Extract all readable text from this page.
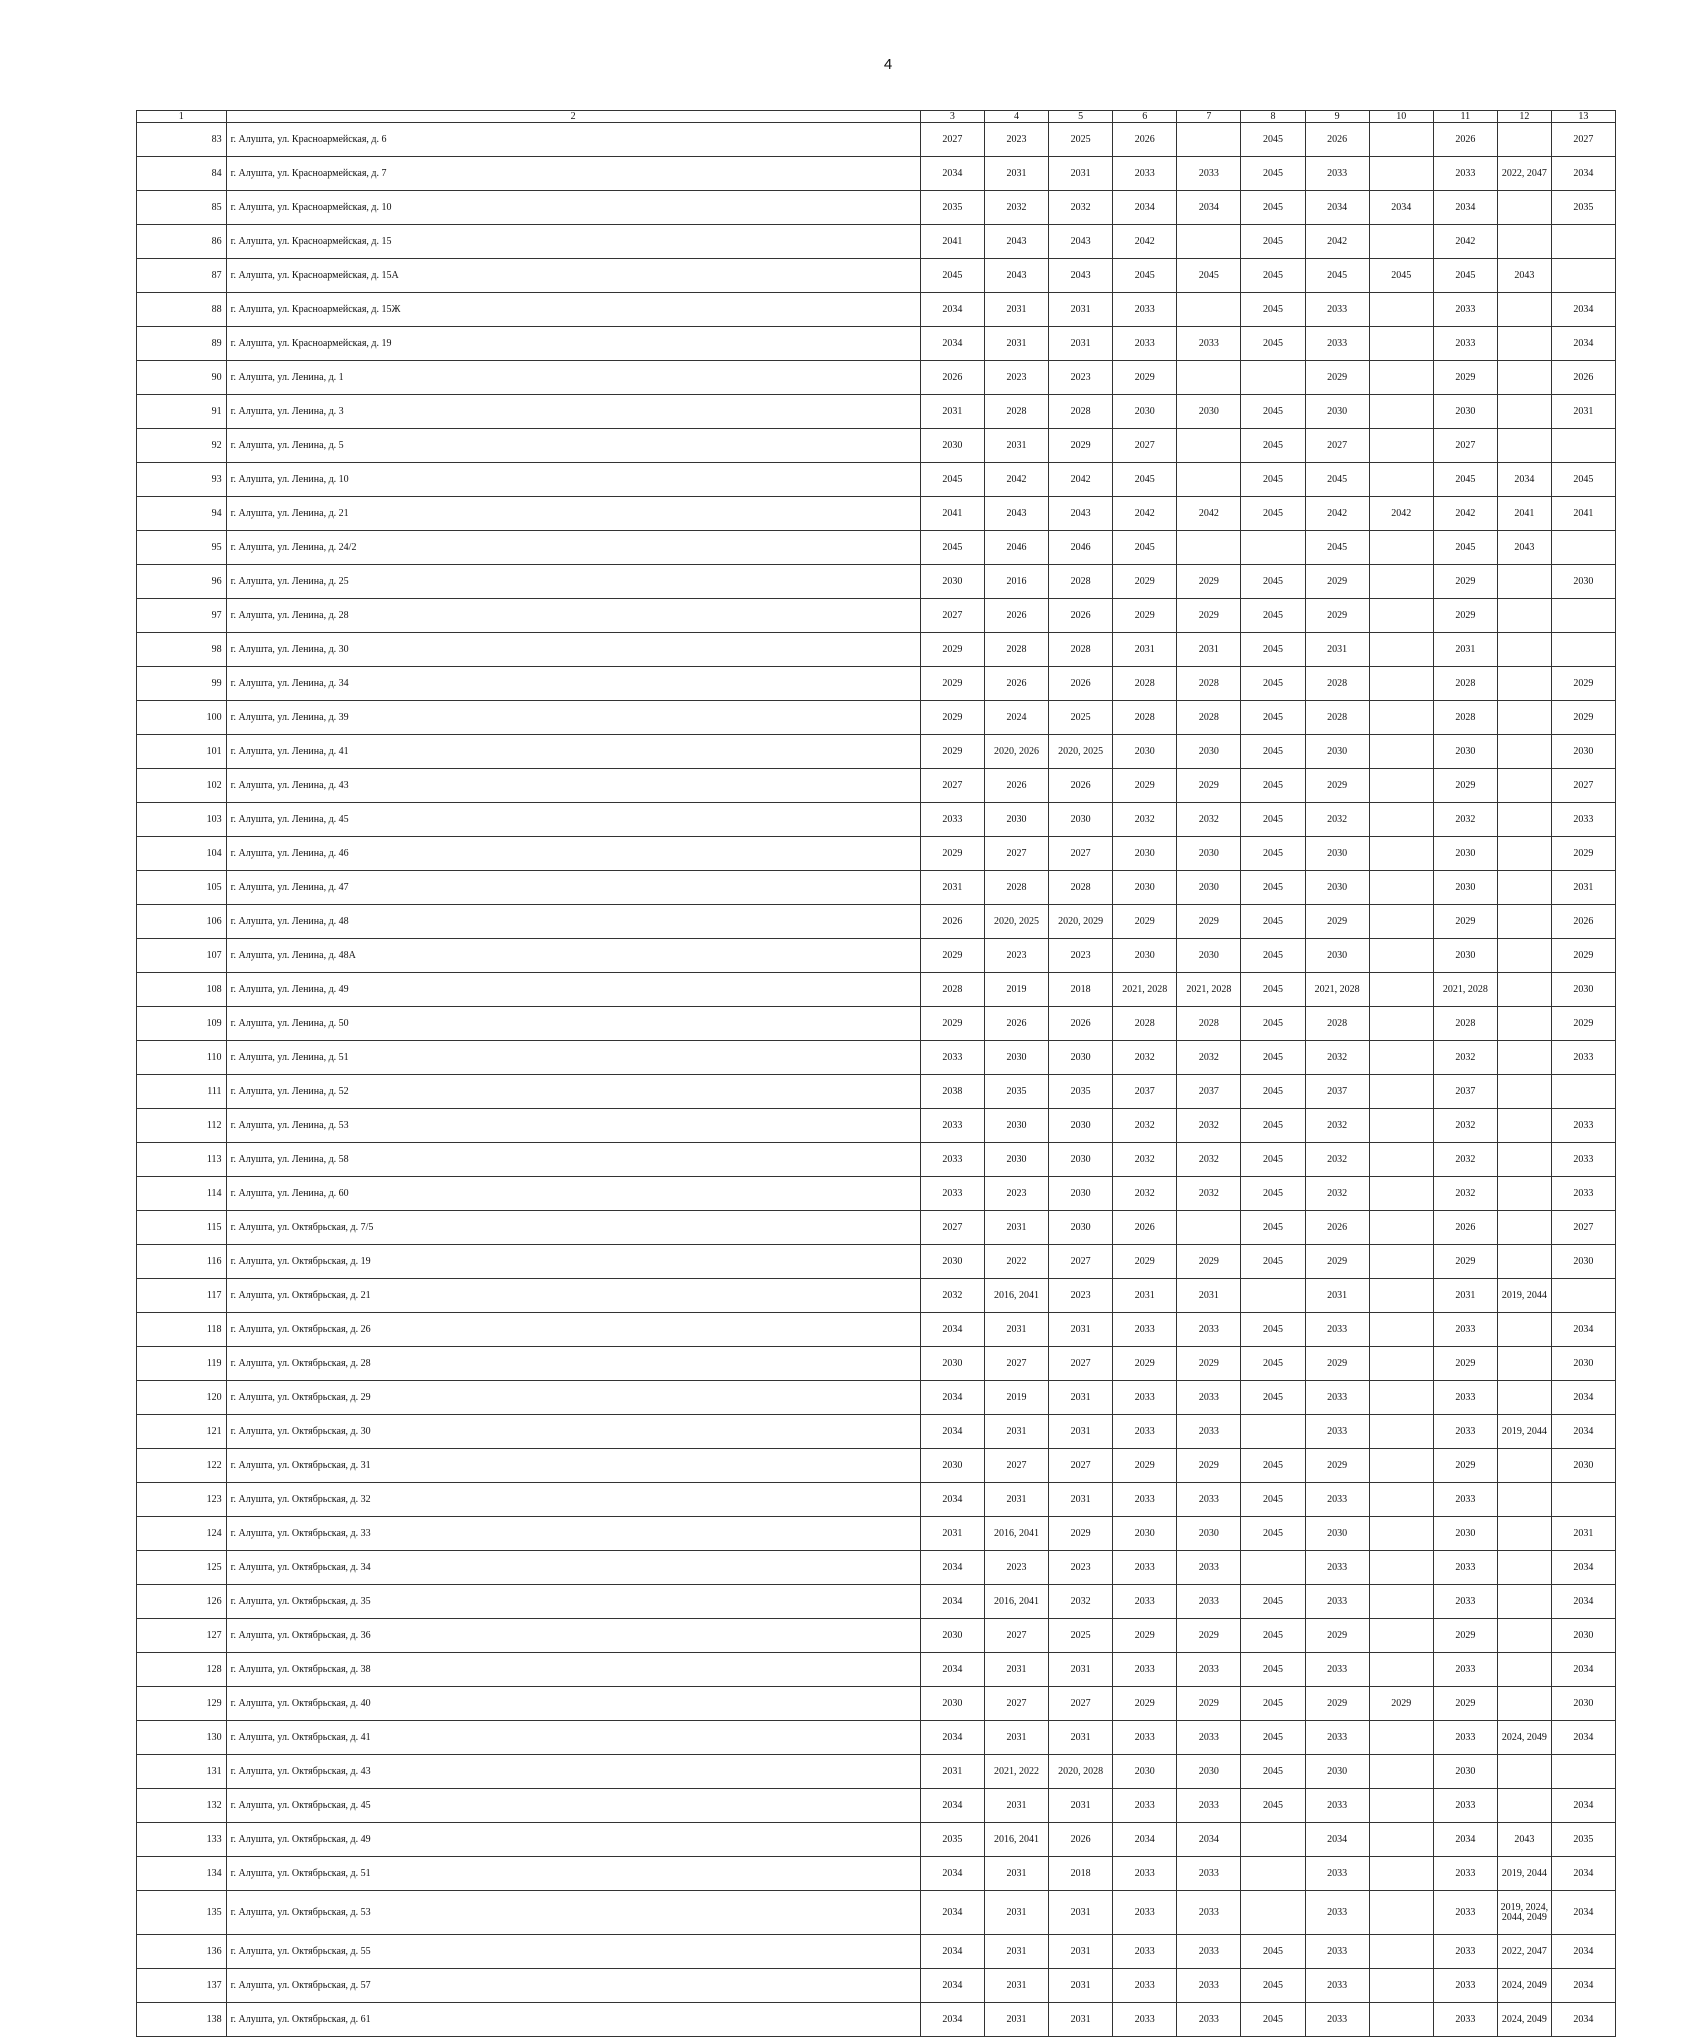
4
1	2	3	4	5	6	7	8	9	10	11	12	13
83	г. Алушта, ул. Красноармейская, д. 6	2027	2023	2025	2026		2045	2026		2026		2027
84	г. Алушта, ул. Красноармейская, д. 7	2034	2031	2031	2033	2033	2045	2033		2033	2022, 2047	2034
85	г. Алушта, ул. Красноармейская, д. 10	2035	2032	2032	2034	2034	2045	2034	2034	2034		2035
86	г. Алушта, ул. Красноармейская, д. 15	2041	2043	2043	2042		2045	2042		2042		
87	г. Алушта, ул. Красноармейская, д. 15А	2045	2043	2043	2045	2045	2045	2045	2045	2045	2043	
88	г. Алушта, ул. Красноармейская, д. 15Ж	2034	2031	2031	2033		2045	2033		2033		2034
89	г. Алушта, ул. Красноармейская, д. 19	2034	2031	2031	2033	2033	2045	2033		2033		2034
90	г. Алушта, ул. Ленина, д. 1	2026	2023	2023	2029			2029		2029		2026
91	г. Алушта, ул. Ленина, д. 3	2031	2028	2028	2030	2030	2045	2030		2030		2031
92	г. Алушта, ул. Ленина, д. 5	2030	2031	2029	2027		2045	2027		2027		
93	г. Алушта, ул. Ленина, д. 10	2045	2042	2042	2045		2045	2045		2045	2034	2045
94	г. Алушта, ул. Ленина, д. 21	2041	2043	2043	2042	2042	2045	2042	2042	2042	2041	2041
95	г. Алушта, ул. Ленина, д. 24/2	2045	2046	2046	2045			2045		2045	2043	
96	г. Алушта, ул. Ленина, д. 25	2030	2016	2028	2029	2029	2045	2029		2029		2030
97	г. Алушта, ул. Ленина, д. 28	2027	2026	2026	2029	2029	2045	2029		2029		
98	г. Алушта, ул. Ленина, д. 30	2029	2028	2028	2031	2031	2045	2031		2031		
99	г. Алушта, ул. Ленина, д. 34	2029	2026	2026	2028	2028	2045	2028		2028		2029
100	г. Алушта, ул. Ленина, д. 39	2029	2024	2025	2028	2028	2045	2028		2028		2029
101	г. Алушта, ул. Ленина, д. 41	2029	2020, 2026	2020, 2025	2030	2030	2045	2030		2030		2030
102	г. Алушта, ул. Ленина, д. 43	2027	2026	2026	2029	2029	2045	2029		2029		2027
103	г. Алушта, ул. Ленина, д. 45	2033	2030	2030	2032	2032	2045	2032		2032		2033
104	г. Алушта, ул. Ленина, д. 46	2029	2027	2027	2030	2030	2045	2030		2030		2029
105	г. Алушта, ул. Ленина, д. 47	2031	2028	2028	2030	2030	2045	2030		2030		2031
106	г. Алушта, ул. Ленина, д. 48	2026	2020, 2025	2020, 2029	2029	2029	2045	2029		2029		2026
107	г. Алушта, ул. Ленина, д. 48А	2029	2023	2023	2030	2030	2045	2030		2030		2029
108	г. Алушта, ул. Ленина, д. 49	2028	2019	2018	2021, 2028	2021, 2028	2045	2021, 2028		2021, 2028		2030
109	г. Алушта, ул. Ленина, д. 50	2029	2026	2026	2028	2028	2045	2028		2028		2029
110	г. Алушта, ул. Ленина, д. 51	2033	2030	2030	2032	2032	2045	2032		2032		2033
111	г. Алушта, ул. Ленина, д. 52	2038	2035	2035	2037	2037	2045	2037		2037		
112	г. Алушта, ул. Ленина, д. 53	2033	2030	2030	2032	2032	2045	2032		2032		2033
113	г. Алушта, ул. Ленина, д. 58	2033	2030	2030	2032	2032	2045	2032		2032		2033
114	г. Алушта, ул. Ленина, д. 60	2033	2023	2030	2032	2032	2045	2032		2032		2033
115	г. Алушта, ул. Октябрьская, д. 7/5	2027	2031	2030	2026		2045	2026		2026		2027
116	г. Алушта, ул. Октябрьская, д. 19	2030	2022	2027	2029	2029	2045	2029		2029		2030
117	г. Алушта, ул. Октябрьская, д. 21	2032	2016, 2041	2023	2031	2031		2031		2031	2019, 2044	
118	г. Алушта, ул. Октябрьская, д. 26	2034	2031	2031	2033	2033	2045	2033		2033		2034
119	г. Алушта, ул. Октябрьская, д. 28	2030	2027	2027	2029	2029	2045	2029		2029		2030
120	г. Алушта, ул. Октябрьская, д. 29	2034	2019	2031	2033	2033	2045	2033		2033		2034
121	г. Алушта, ул. Октябрьская, д. 30	2034	2031	2031	2033	2033		2033		2033	2019, 2044	2034
122	г. Алушта, ул. Октябрьская, д. 31	2030	2027	2027	2029	2029	2045	2029		2029		2030
123	г. Алушта, ул. Октябрьская, д. 32	2034	2031	2031	2033	2033	2045	2033		2033		
124	г. Алушта, ул. Октябрьская, д. 33	2031	2016, 2041	2029	2030	2030	2045	2030		2030		2031
125	г. Алушта, ул. Октябрьская, д. 34	2034	2023	2023	2033	2033		2033		2033		2034
126	г. Алушта, ул. Октябрьская, д. 35	2034	2016, 2041	2032	2033	2033	2045	2033		2033		2034
127	г. Алушта, ул. Октябрьская, д. 36	2030	2027	2025	2029	2029	2045	2029		2029		2030
128	г. Алушта, ул. Октябрьская, д. 38	2034	2031	2031	2033	2033	2045	2033		2033		2034
129	г. Алушта, ул. Октябрьская, д. 40	2030	2027	2027	2029	2029	2045	2029	2029	2029		2030
130	г. Алушта, ул. Октябрьская, д. 41	2034	2031	2031	2033	2033	2045	2033		2033	2024, 2049	2034
131	г. Алушта, ул. Октябрьская, д. 43	2031	2021, 2022	2020, 2028	2030	2030	2045	2030		2030		
132	г. Алушта, ул. Октябрьская, д. 45	2034	2031	2031	2033	2033	2045	2033		2033		2034
133	г. Алушта, ул. Октябрьская, д. 49	2035	2016, 2041	2026	2034	2034		2034		2034	2043	2035
134	г. Алушта, ул. Октябрьская, д. 51	2034	2031	2018	2033	2033		2033		2033	2019, 2044	2034
135	г. Алушта, ул. Октябрьская, д. 53	2034	2031	2031	2033	2033		2033		2033	2019, 2024, 2044, 2049	2034
136	г. Алушта, ул. Октябрьская, д. 55	2034	2031	2031	2033	2033	2045	2033		2033	2022, 2047	2034
137	г. Алушта, ул. Октябрьская, д. 57	2034	2031	2031	2033	2033	2045	2033		2033	2024, 2049	2034
138	г. Алушта, ул. Октябрьская, д. 61	2034	2031	2031	2033	2033	2045	2033		2033	2024, 2049	2034
